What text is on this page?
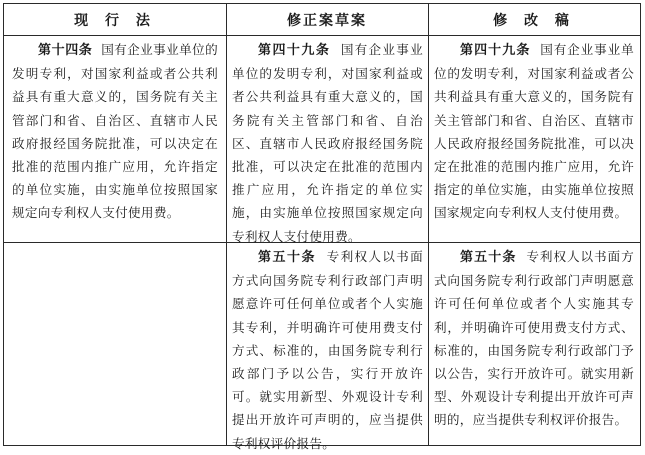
现 行 法	修正案草案	修 改 稿
第十四条 国有企业事业单位的发明专利，对国家利益或者公共利益具有重大意义的，国务院有关主管部门和省、自治区、直辖市人民政府报经国务院批准，可以决定在批准的范围内推广应用，允许指定的单位实施，由实施单位按照国家规定向专利权人支付使用费。
第四十九条 国有企业事业单位的发明专利，对国家利益或者公共利益具有重大意义的，国务院有关主管部门和省、自治区、直辖市人民政府报经国务院批准，可以决定在批准的范围内推广应用，允许指定的单位实施，由实施单位按照国家规定向专利权人支付使用费。
第四十九条 国有企业事业单位的发明专利，对国家利益或者公共利益具有重大意义的，国务院有关主管部门和省、自治区、直辖市人民政府报经国务院批准，可以决定在批准的范围内推广应用，允许指定的单位实施，由实施单位按照国家规定向专利权人支付使用费。
第五十条 专利权人以书面方式向国务院专利行政部门声明愿意许可任何单位或者个人实施其专利，并明确许可使用费支付方式、标准的，由国务院专利行政部门予以公告，实行开放许可。就实用新型、外观设计专利提出开放许可声明的，应当提供专利权评价报告。
第五十条 专利权人以书面方式向国务院专利行政部门声明愿意许可任何单位或者个人实施其专利，并明确许可使用费支付方式、标准的，由国务院专利行政部门予以公告，实行开放许可。就实用新型、外观设计专利提出开放许可声明的，应当提供专利权评价报告。
